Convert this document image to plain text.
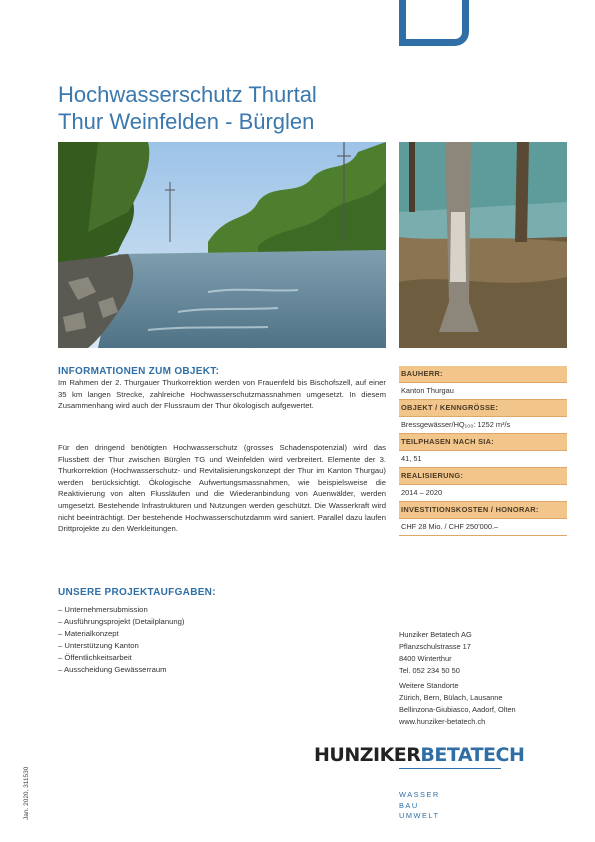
Hochwasserschutz Thurtal
Thur Weinfelden - Bürglen
INFORMATIONEN ZUM OBJEKT:
Im Rahmen der 2. Thurgauer Thurkorrektion werden von Frauenfeld bis Bischofszell, auf einer 35 km langen Strecke, zahlreiche Hochwasserschutzmassnahmen umgesetzt. In diesem Zusammenhang wird auch der Flussraum der Thur ökologisch aufgewertet.
Für den dringend benötigten Hochwasserschutz (grosses Schadenspotenzial) wird das Flussbett der Thur zwischen Bürglen TG und Weinfelden wird verbreitert. Elemente der 3. Thurkorrektion (Hochwasserschutz- und Revitalisierungskonzept der Thur im Kanton Thurgau) werden berücksichtigt. Ökologische Aufwertungsmassnahmen, wie beispielsweise die Reaktivierung von alten Flussläufen und die Wiederanbindung von Auenwälder, werden umgesetzt. Bestehende Infrastrukturen und Nutzungen werden geschützt. Die Wasserkraft wird nicht beeinträchtigt. Der bestehende Hochwasserschutzdamm wird saniert. Parallel dazu laufen Drittprojekte zu den Werkleitungen.
UNSERE PROJEKTAUFGABEN:
– Unternehmersubmission
– Ausführungsprojekt (Detailplanung)
– Materialkonzept
– Unterstützung Kanton
– Öffentlichkeitsarbeit
– Ausscheidung Gewässerraum
BAUHERR:
Kanton Thurgau
OBJEKT / KENNGRÖSSE:
Bressgewässer/HQ₁₀₀: 1252 m³/s
TEILPHASEN NACH SIA:
41, 51
REALISIERUNG:
2014 – 2020
INVESTITIONSKOSTEN / HONORAR:
CHF 28 Mio. / CHF 250'000.–
Hunziker Betatech AG
Pflanzschulstrasse 17
8400 Winterthur
Tel. 052 234 50 50
Weitere Standorte
Zürich, Bern, Bülach, Lausanne
Bellinzona-Giubiasco, Aadorf, Olten
www.hunziker-betatech.ch
HUNZIKERBETATECH
WASSER
BAU
UMWELT
Jan. 2020, 311530
